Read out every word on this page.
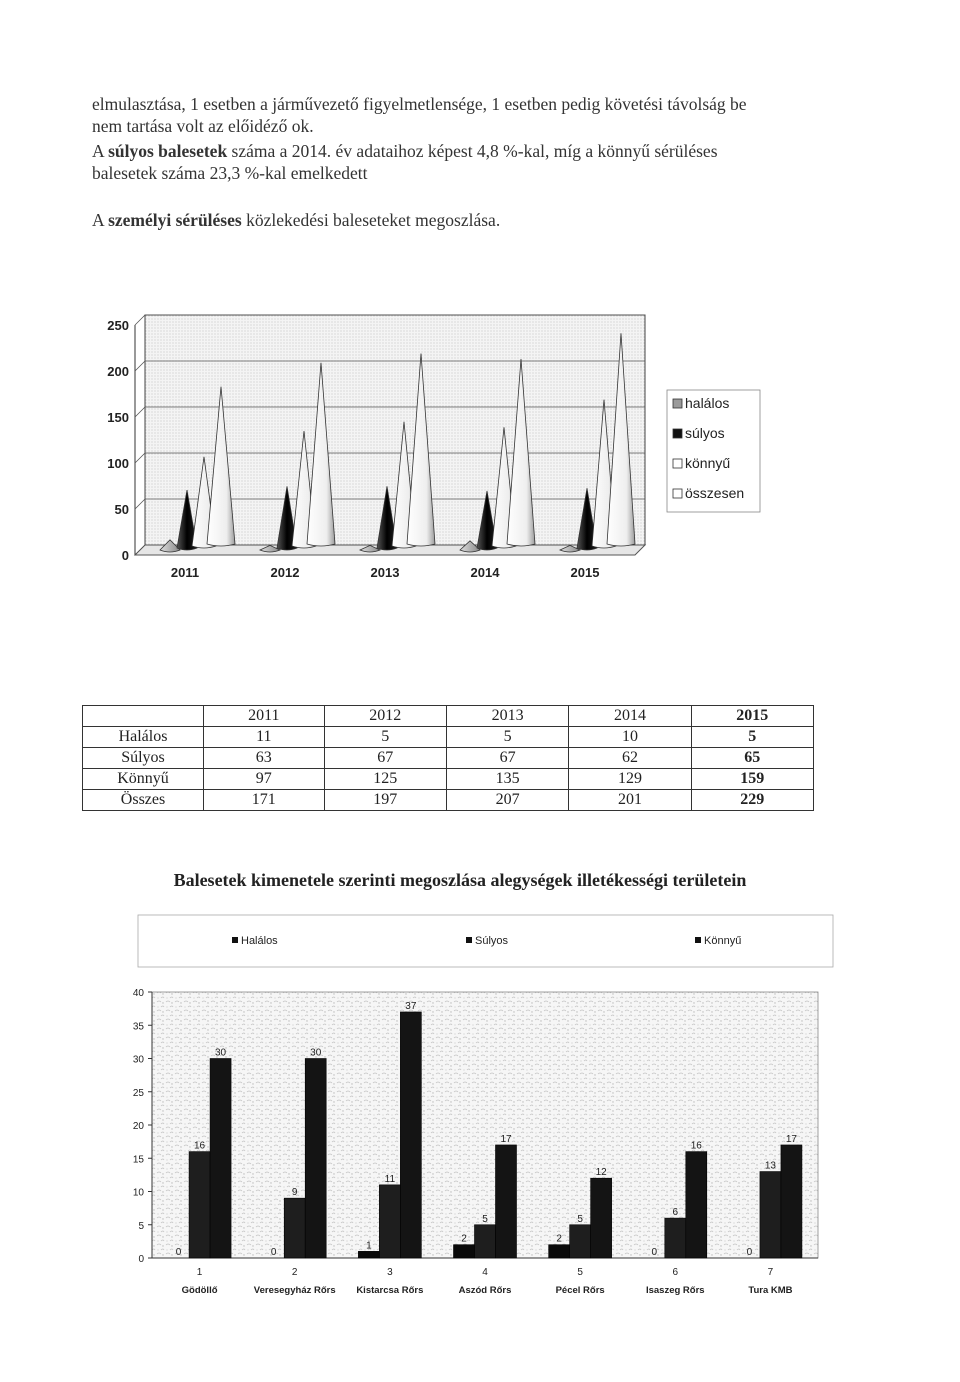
elmulasztása, 1 esetben a járművezető figyelmetlensége, 1 esetben pedig követési távolság be
nem tartása volt az előidéző ok.
A súlyos balesetek száma a 2014. év adataihoz képest 4,8 %-kal, míg a könnyű sérüléses
balesetek száma 23,3 %-kal emelkedett
A személyi sérüléses közlekedési baleseteket megoszlása.
0
50
100
150
200
250
2011	2012	2013	2014	2015
halálos
súlyos
könnyű
összesen
	2011	2012	2013	2014	2015
Halálos	11	5	5	10	5
Súlyos	63	67	67	62	65
Könnyű	97	125	135	129	159
Összes	171	197	207	201	229
Balesetek kimenetele szerinti megoszlása alegységek illetékességi területein
Halálos	Súlyos	Könnyű
0
5
10
15
20
25
30
35
40
0
16
30
1
Gödöllő
0
9
30
2
Veresegyház Rőrs
1
11
37
3
Kistarcsa Rőrs
2
5
17
4
Aszód Rőrs
2
5
12
5
Pécel Rőrs
0
6
16
6
Isaszeg Rőrs
0
13
17
7
Tura KMB
